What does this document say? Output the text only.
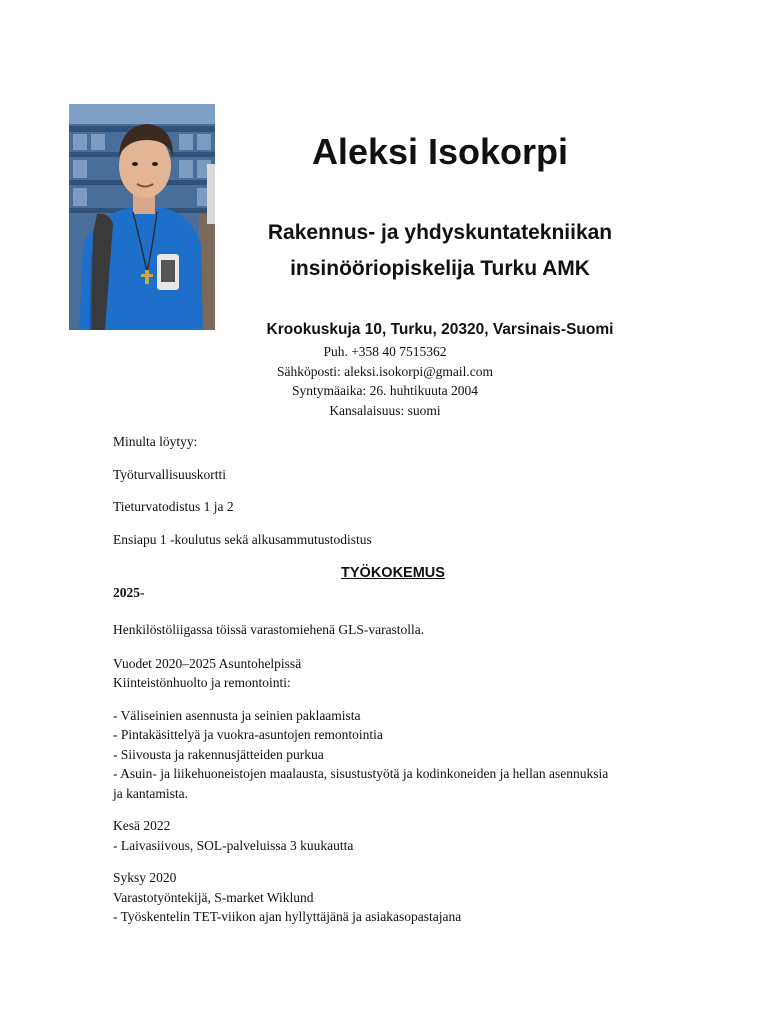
Aleksi Isokorpi
Rakennus- ja yhdyskuntatekniikan
insinööriopiskelija Turku AMK
Krookuskuja 10, Turku, 20320, Varsinais-Suomi
Puh. +358 40 7515362
Sähköposti: aleksi.isokorpi@gmail.com
Syntymäaika: 26. huhtikuuta 2004
Kansalaisuus: suomi

Minulta löytyy:

Työturvallisuuskortti

Tieturvatodistus 1 ja 2

Ensiapu 1 -koulutus sekä alkusammutustodistus

TYÖKOKEMUS

2025-

Henkilöstöliigassa töissä varastomiehenä GLS-varastolla.

Vuodet 2020–2025 Asuntohelpissä
Kiinteistönhuolto ja remontointi:

- Väliseinien asennusta ja seinien paklaamista
- Pintakäsittelyä ja vuokra-asuntojen remontointia
- Siivousta ja rakennusjätteiden purkua
- Asuin- ja liikehuoneistojen maalausta, sisustustyötä ja kodinkoneiden ja hellan asennuksia
ja kantamista.

Kesä 2022
- Laivasiivous, SOL-palveluissa 3 kuukautta

Syksy 2020
Varastotyöntekijä, S-market Wiklund
- Työskentelin TET-viikon ajan hyllyttäjänä ja asiakasopastajana
